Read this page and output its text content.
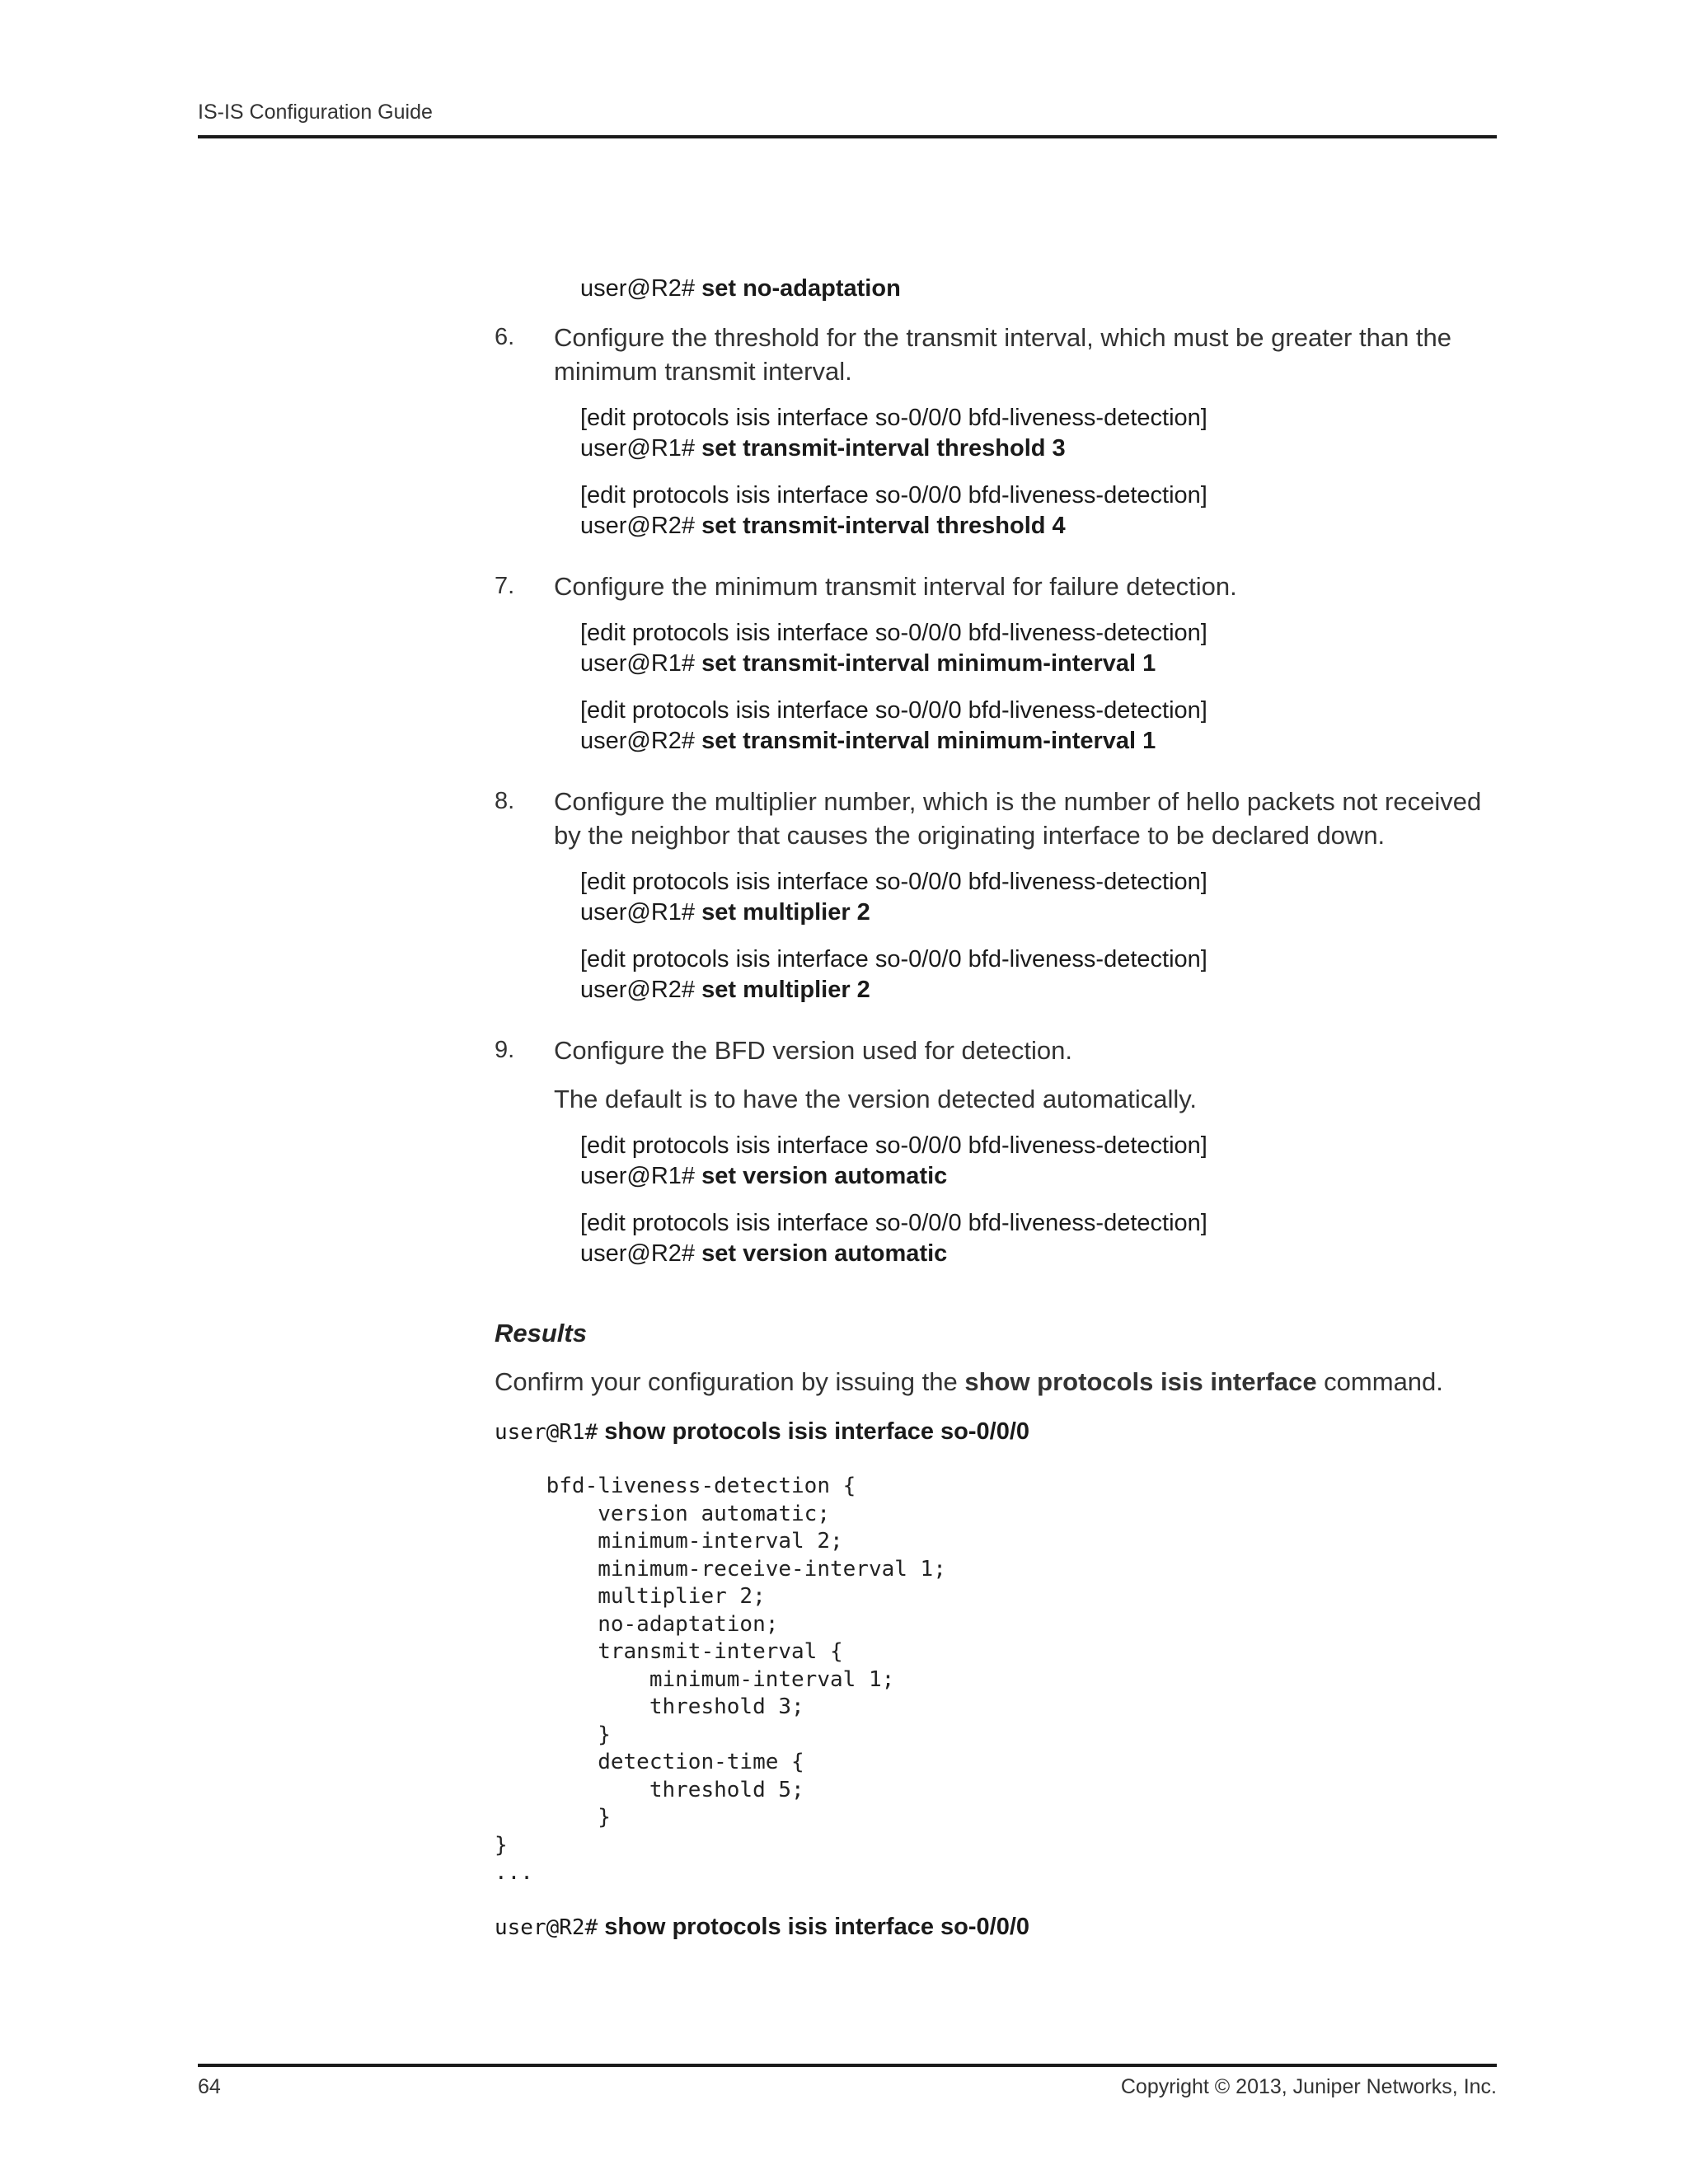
IS-IS Configuration Guide
user@R2# set no-adaptation
6.	Configure the threshold for the transmit interval, which must be greater than the minimum transmit interval.
[edit protocols isis interface so-0/0/0 bfd-liveness-detection]
user@R1# set transmit-interval threshold 3
[edit protocols isis interface so-0/0/0 bfd-liveness-detection]
user@R2# set transmit-interval threshold 4
7.	Configure the minimum transmit interval for failure detection.
[edit protocols isis interface so-0/0/0 bfd-liveness-detection]
user@R1# set transmit-interval minimum-interval 1
[edit protocols isis interface so-0/0/0 bfd-liveness-detection]
user@R2# set transmit-interval minimum-interval 1
8.	Configure the multiplier number, which is the number of hello packets not received by the neighbor that causes the originating interface to be declared down.
[edit protocols isis interface so-0/0/0 bfd-liveness-detection]
user@R1# set multiplier 2
[edit protocols isis interface so-0/0/0 bfd-liveness-detection]
user@R2# set multiplier 2
9.	Configure the BFD version used for detection.
The default is to have the version detected automatically.
[edit protocols isis interface so-0/0/0 bfd-liveness-detection]
user@R1# set version automatic
[edit protocols isis interface so-0/0/0 bfd-liveness-detection]
user@R2# set version automatic
Results
Confirm your configuration by issuing the show protocols isis interface command.
user@R1# show protocols isis interface so-0/0/0
bfd-liveness-detection {
version automatic;
minimum-interval 2;
minimum-receive-interval 1;
multiplier 2;
no-adaptation;
transmit-interval {
minimum-interval 1;
threshold 3;
}
detection-time {
threshold 5;
}
}
...
user@R2# show protocols isis interface so-0/0/0
64	Copyright © 2013, Juniper Networks, Inc.
